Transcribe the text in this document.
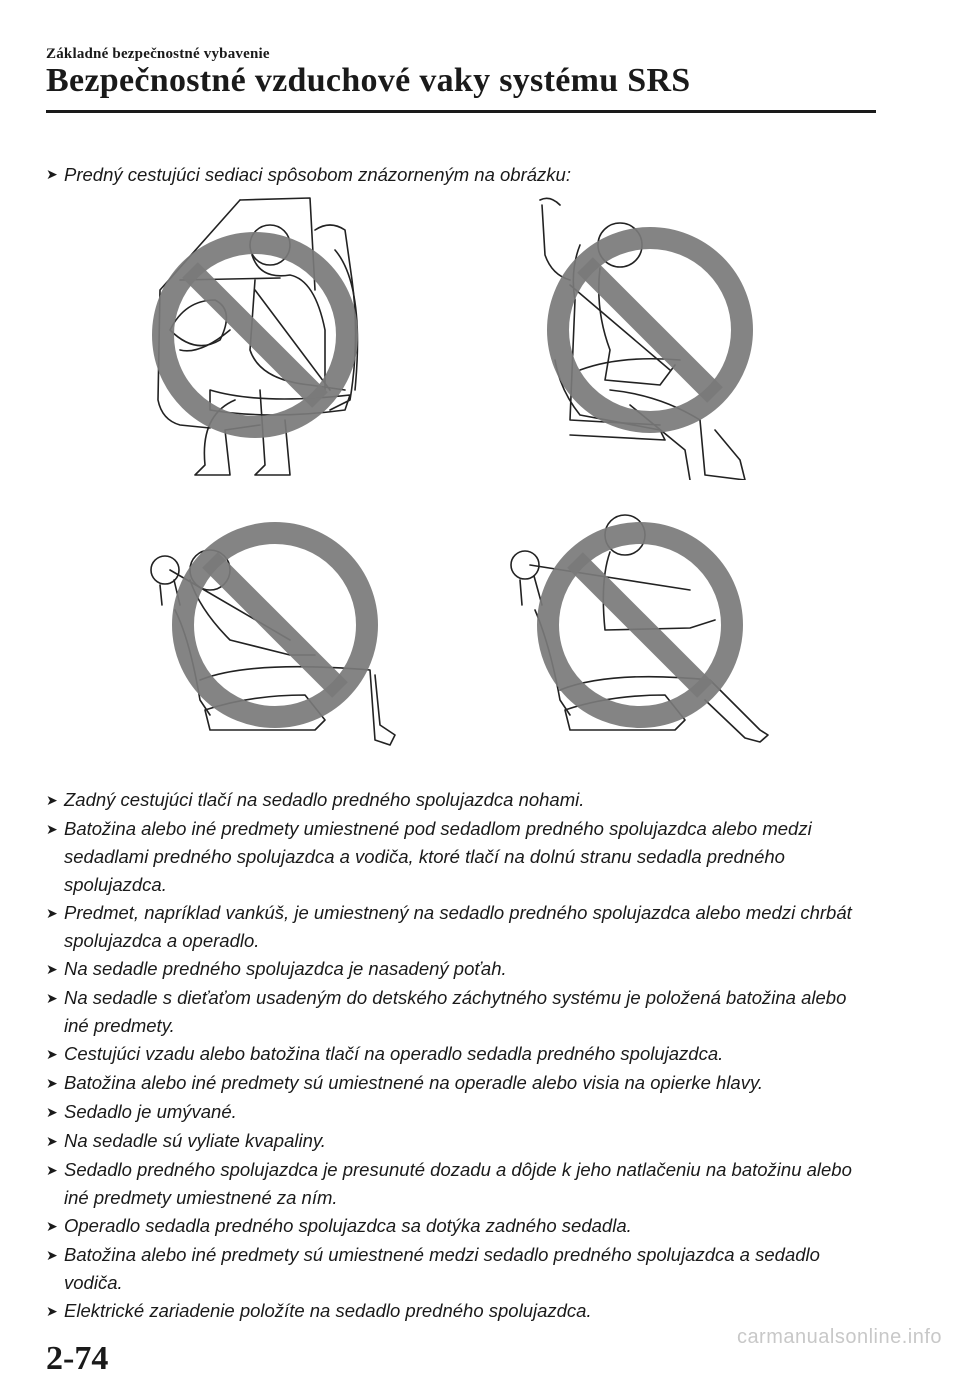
Základné bezpečnostné vybavenie
Bezpečnostné vzduchové vaky systému SRS
➤ Predný cestujúci sediaci spôsobom znázorneným na obrázku:
➤ Zadný cestujúci tlačí na sedadlo predného spolujazdca nohami.
➤ Batožina alebo iné predmety umiestnené pod sedadlom predného spolujazdca alebo medzi sedadlami predného spolujazdca a vodiča, ktoré tlačí na dolnú stranu sedadla predného spolujazdca.
➤ Predmet, napríklad vankúš, je umiestnený na sedadlo predného spolujazdca alebo medzi chrbát spolujazdca a operadlo.
➤ Na sedadle predného spolujazdca je nasadený poťah.
➤ Na sedadle s dieťaťom usadeným do detského záchytného systému je položená batožina alebo iné predmety.
➤ Cestujúci vzadu alebo batožina tlačí na operadlo sedadla predného spolujazdca.
➤ Batožina alebo iné predmety sú umiestnené na operadle alebo visia na opierke hlavy.
➤ Sedadlo je umývané.
➤ Na sedadle sú vyliate kvapaliny.
➤ Sedadlo predného spolujazdca je presunuté dozadu a dôjde k jeho natlačeniu na batožinu alebo iné predmety umiestnené za ním.
➤ Operadlo sedadla predného spolujazdca sa dotýka zadného sedadla.
➤ Batožina alebo iné predmety sú umiestnené medzi sedadlo predného spolujazdca a sedadlo vodiča.
➤ Elektrické zariadenie položíte na sedadlo predného spolujazdca.
2-74
carmanualsonline.info
